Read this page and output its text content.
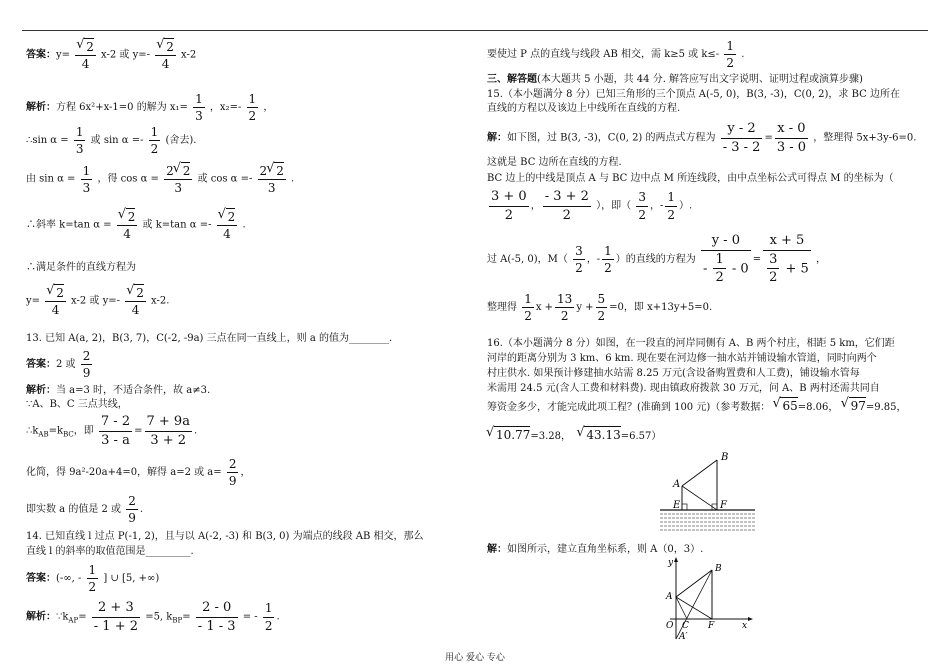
答案：y= √ $\frac{2}{4} x-2$ 或 y=- √ $\frac{2}{4} x-2$
解析：方程 6x²+x-1=0 的解为 $x_1= \frac{1}{3}$ ，$x_2=- \frac{1}{2}$ ，
∴sin $\alpha = \frac{1}{3}$ 或 $\sin \alpha =- \frac{1}{2}$ (舍去).
由 $\sin \alpha = \frac{1}{3}$ ，得 $\cos \alpha = \frac{2 √ 2}{3}$ 或 $\cos \alpha =- \frac{2 √ 2}{3}$ .
∴斜率 k=tan α = √ $\frac{2}{4}$ 或 k=tan α =- √ $\frac{2}{4}$ .
∴满足条件的直线方程为
y= √ $\frac{2}{4} x-2$ 或 y=- √ $\frac{2}{4} x-2$.
13. 已知 A(a, 2)，B(3, 7)，C(-2, -9a) 三点在同一直线上，则 a 的值为________.
答案：2 或 $\frac{2}{9}$
解析：当 a=3 时，不适合条件，故 a≠3.
∵A、B、C 三点共线，
$\therefore k_{AB}=k_{BC}$，即 $\frac{7 - 2}{3 - a} = \frac{7 + 9a}{3 + 2}$ .
化简，得 9a²-20a+4=0，解得 a=2 或 $a= \frac{2}{9}$ ，
即实数 a 的值是 2 或 $\frac{2}{9}$ .
14. 已知直线 l 过点 P(-1, 2)，且与以 A(-2, -3) 和 B(3, 0) 为端点的线段 AB 相交，那么
直线 l 的斜率的取值范围是_________.
答案：(-∞, - $\frac{1}{2}$ ] ∪ [5, +∞)
解析：$\because k_{AP}= \frac{2 + 3}{- 1 + 2} =5$, $k_{BP}= \frac{2 - 0}{- 1 - 3}$ = - $\frac{1}{2}$ .
要使过 P 点的直线与线段 AB 相交，需 k≥5 或 $k\le- \frac{1}{2}$ .
三、解答题(本大题共 5 小题，共 44 分. 解答应写出文字说明、证明过程或演算步骤)
15.（本小题满分 8 分）已知三角形的三个顶点 A(-5, 0)，B(3, -3)，C(0, 2)，求 BC 边所在
直线的方程以及该边上中线所在直线的方程.
解：如下图，过 B(3, -3)，C(0, 2) 的两点式方程为 $\frac{y - 2}{- 3 - 2} = \frac{x - 0}{3 - 0}$ ，整理得 5x+3y-6=0.
这就是 BC 边所在直线的方程.
BC 边上的中线是顶点 A 与 BC 边中点 M 所连线段，由中点坐标公式可得点 M 的坐标为（
$\frac{3 + 0}{2}$ ， $\frac{- 3 + 2}{2}$ ），即（ $\frac{3}{2}$ ，- $\frac{1}{2}$ ）.
过 A(-5, 0)，$M( \frac{3}{2}$ ，- $\frac{1}{2}$ ）的直线的方程为 $\frac{y - 0}{- \frac{1}{2} - 0} = \frac{x + 5}{\frac{3}{2} + 5}$ ，
整理得 $\frac{1}{2}$ $x + \frac{13}{2}$ $y + \frac{5}{2} =0$，即 x+13y+5=0.
16.（本小题满分 8 分）如图，在一段直的河岸同侧有 A、B 两个村庄，相距 5 km，它们距
河岸的距离分别为 3 km、6 km. 现在要在河边修一抽水站并铺设输水管道，同时向两个
村庄供水. 如果预计修建抽水站需 8.25 万元(含设备购置费和人工费)，铺设输水管每
米需用 24.5 元(含人工费和材料费). 现由镇政府拨款 30 万元，问 A、B 两村还需共同自
筹资金多少，才能完成此项工程？(准确到 100 元)（参考数据： √ 65=8.06， √ 97=9.85，
√ 10.77=3.28， √ 43.13=6.57）
解：如图所示，建立直角坐标系，则 A（0，3）.
A
B
E	F
y
B
A
O C F	x
A′
用心 爱心 专心
